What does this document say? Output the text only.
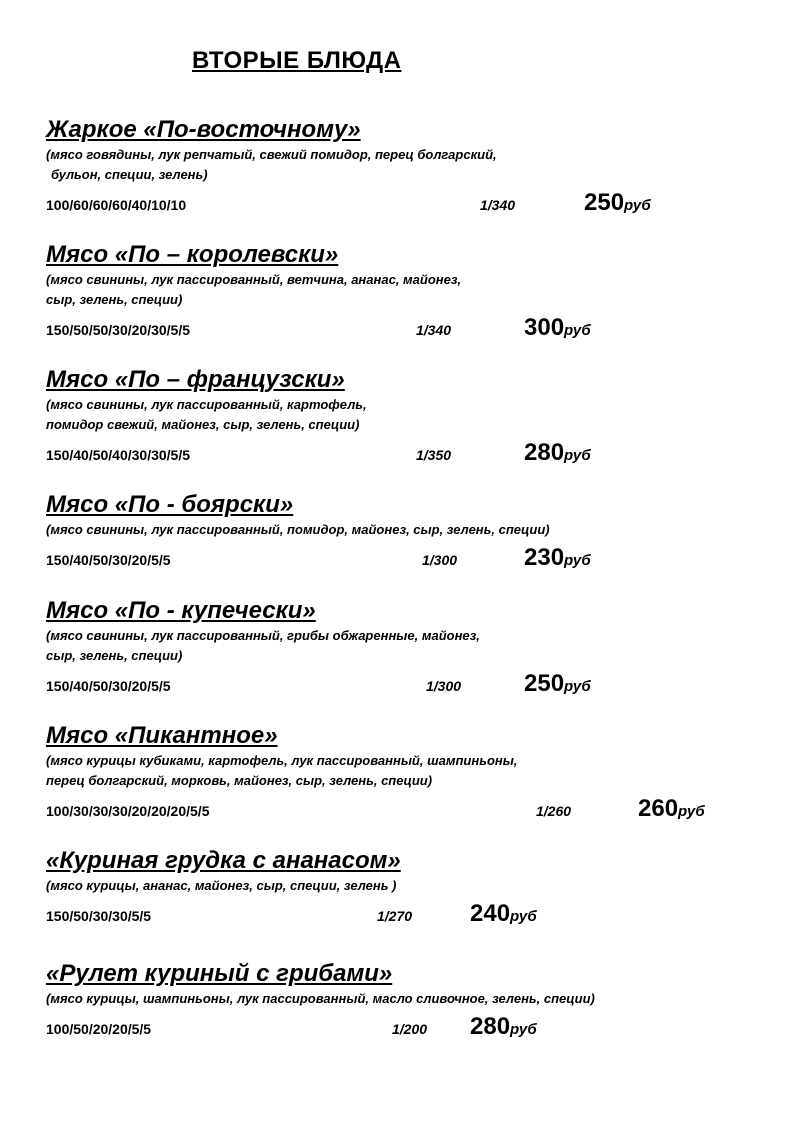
ВТОРЫЕ БЛЮДА
Жаркое «По-восточному»
(мясо говядины, лук репчатый, свежий помидор, перец болгарский,
бульон, специи, зелень)
100/60/60/60/40/10/10	1/340	250руб
Мясо «По – королевски»
(мясо свинины, лук пассированный, ветчина, ананас, майонез,
сыр, зелень, специи)
150/50/50/30/20/30/5/5	1/340	300руб
Мясо «По – французски»
(мясо свинины, лук пассированный, картофель,
помидор свежий, майонез, сыр, зелень, специи)
150/40/50/40/30/30/5/5	1/350	280руб
Мясо «По - боярски»
(мясо свинины, лук пассированный, помидор, майонез, сыр, зелень, специи)
150/40/50/30/20/5/5	1/300	230руб
Мясо «По - купечески»
(мясо свинины, лук пассированный, грибы обжаренные, майонез,
сыр, зелень, специи)
150/40/50/30/20/5/5	1/300	250руб
Мясо «Пикантное»
(мясо курицы кубиками, картофель, лук пассированный, шампиньоны,
перец болгарский, морковь, майонез, сыр, зелень, специи)
100/30/30/30/20/20/20/5/5	1/260	260руб
«Куриная грудка с ананасом»
(мясо курицы, ананас, майонез, сыр, специи, зелень )
150/50/30/30/5/5	1/270 240руб
«Рулет куриный с грибами»
(мясо курицы, шампиньоны, лук пассированный, масло сливочное, зелень, специи)
100/50/20/20/5/5	1/200 280руб
